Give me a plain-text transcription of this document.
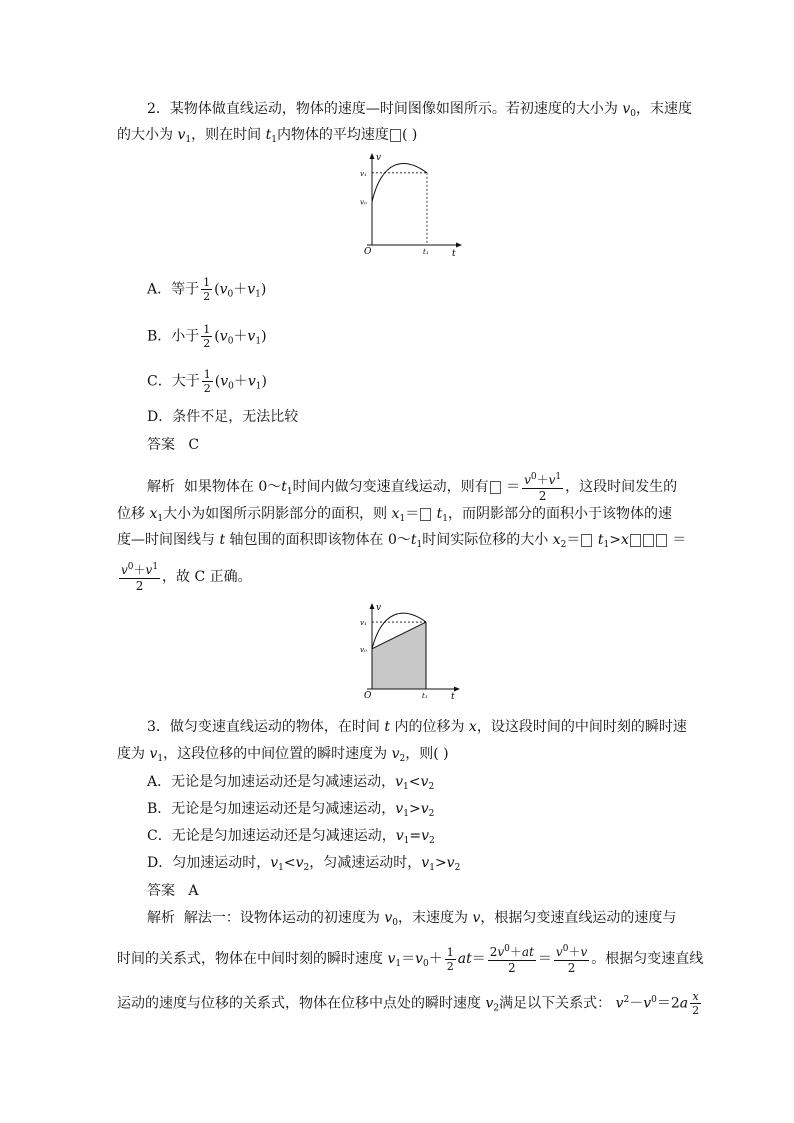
2．某物体做直线运动，物体的速度—时间图像如图所示。若初速度的大小为 $v_0$，末速度
的大小为 $v_1$，则在时间 $t_1$内物体的平均速度 ( )
v
t
O
v₀
v₁
t₁
A．等于 $\frac{1}{2} (v_0+v_1)$
B．小于 $\frac{1}{2} (v_0+v_1)$
C．大于 $\frac{1}{2} (v_0+v_1)$
D．条件不足，无法比较
答案 C
解析 如果物体在 $0\sim t_1$时间内做匀变速直线运动，则有 ＝ $\frac{v^0+v^1}{2}$ ，这段时间发生的
位移 $x_1$大小为如图所示阴影部分的面积，则 $x_1= t_1$，而阴影部分的面积小于该物体的速
度—时间图线与 t 轴包围的面积即该物体在 $0\sim t_1$时间实际位移的大小 $x_2= t_1>x$	＝
$\frac{v^0+v^1}{2}$ ，故 C 正确。
v
t
O
v₀
v₁
t₁
3．做匀变速直线运动的物体，在时间 t 内的位移为 x，设这段时间的中间时刻的瞬时速
度为 $v_1$，这段位移的中间位置的瞬时速度为 $v_2$，则( )
A．无论是匀加速运动还是匀减速运动，$v_1<v_2$
B．无论是匀加速运动还是匀减速运动，$v_1>v_2$
C．无论是匀加速运动还是匀减速运动，$v_1=v_2$
D．匀加速运动时，$v_1<v_2$，匀减速运动时，$v_1>v_2$
答案 A
解析 解法一：设物体运动的初速度为 $v_0$，末速度为 v，根据匀变速直线运动的速度与
时间的关系式，物体在中间时刻的瞬时速度 $v_1=v_0+ \frac{1}{2} at= \frac{2v^0+at}{2} = \frac{v^0+v}{2}$ 。根据匀变速直线
运动的速度与位移的关系式，物体在位移中点处的瞬时速度 $v_2$满足以下关系式： $v^2-v^0=2a \frac{x}{2}$
